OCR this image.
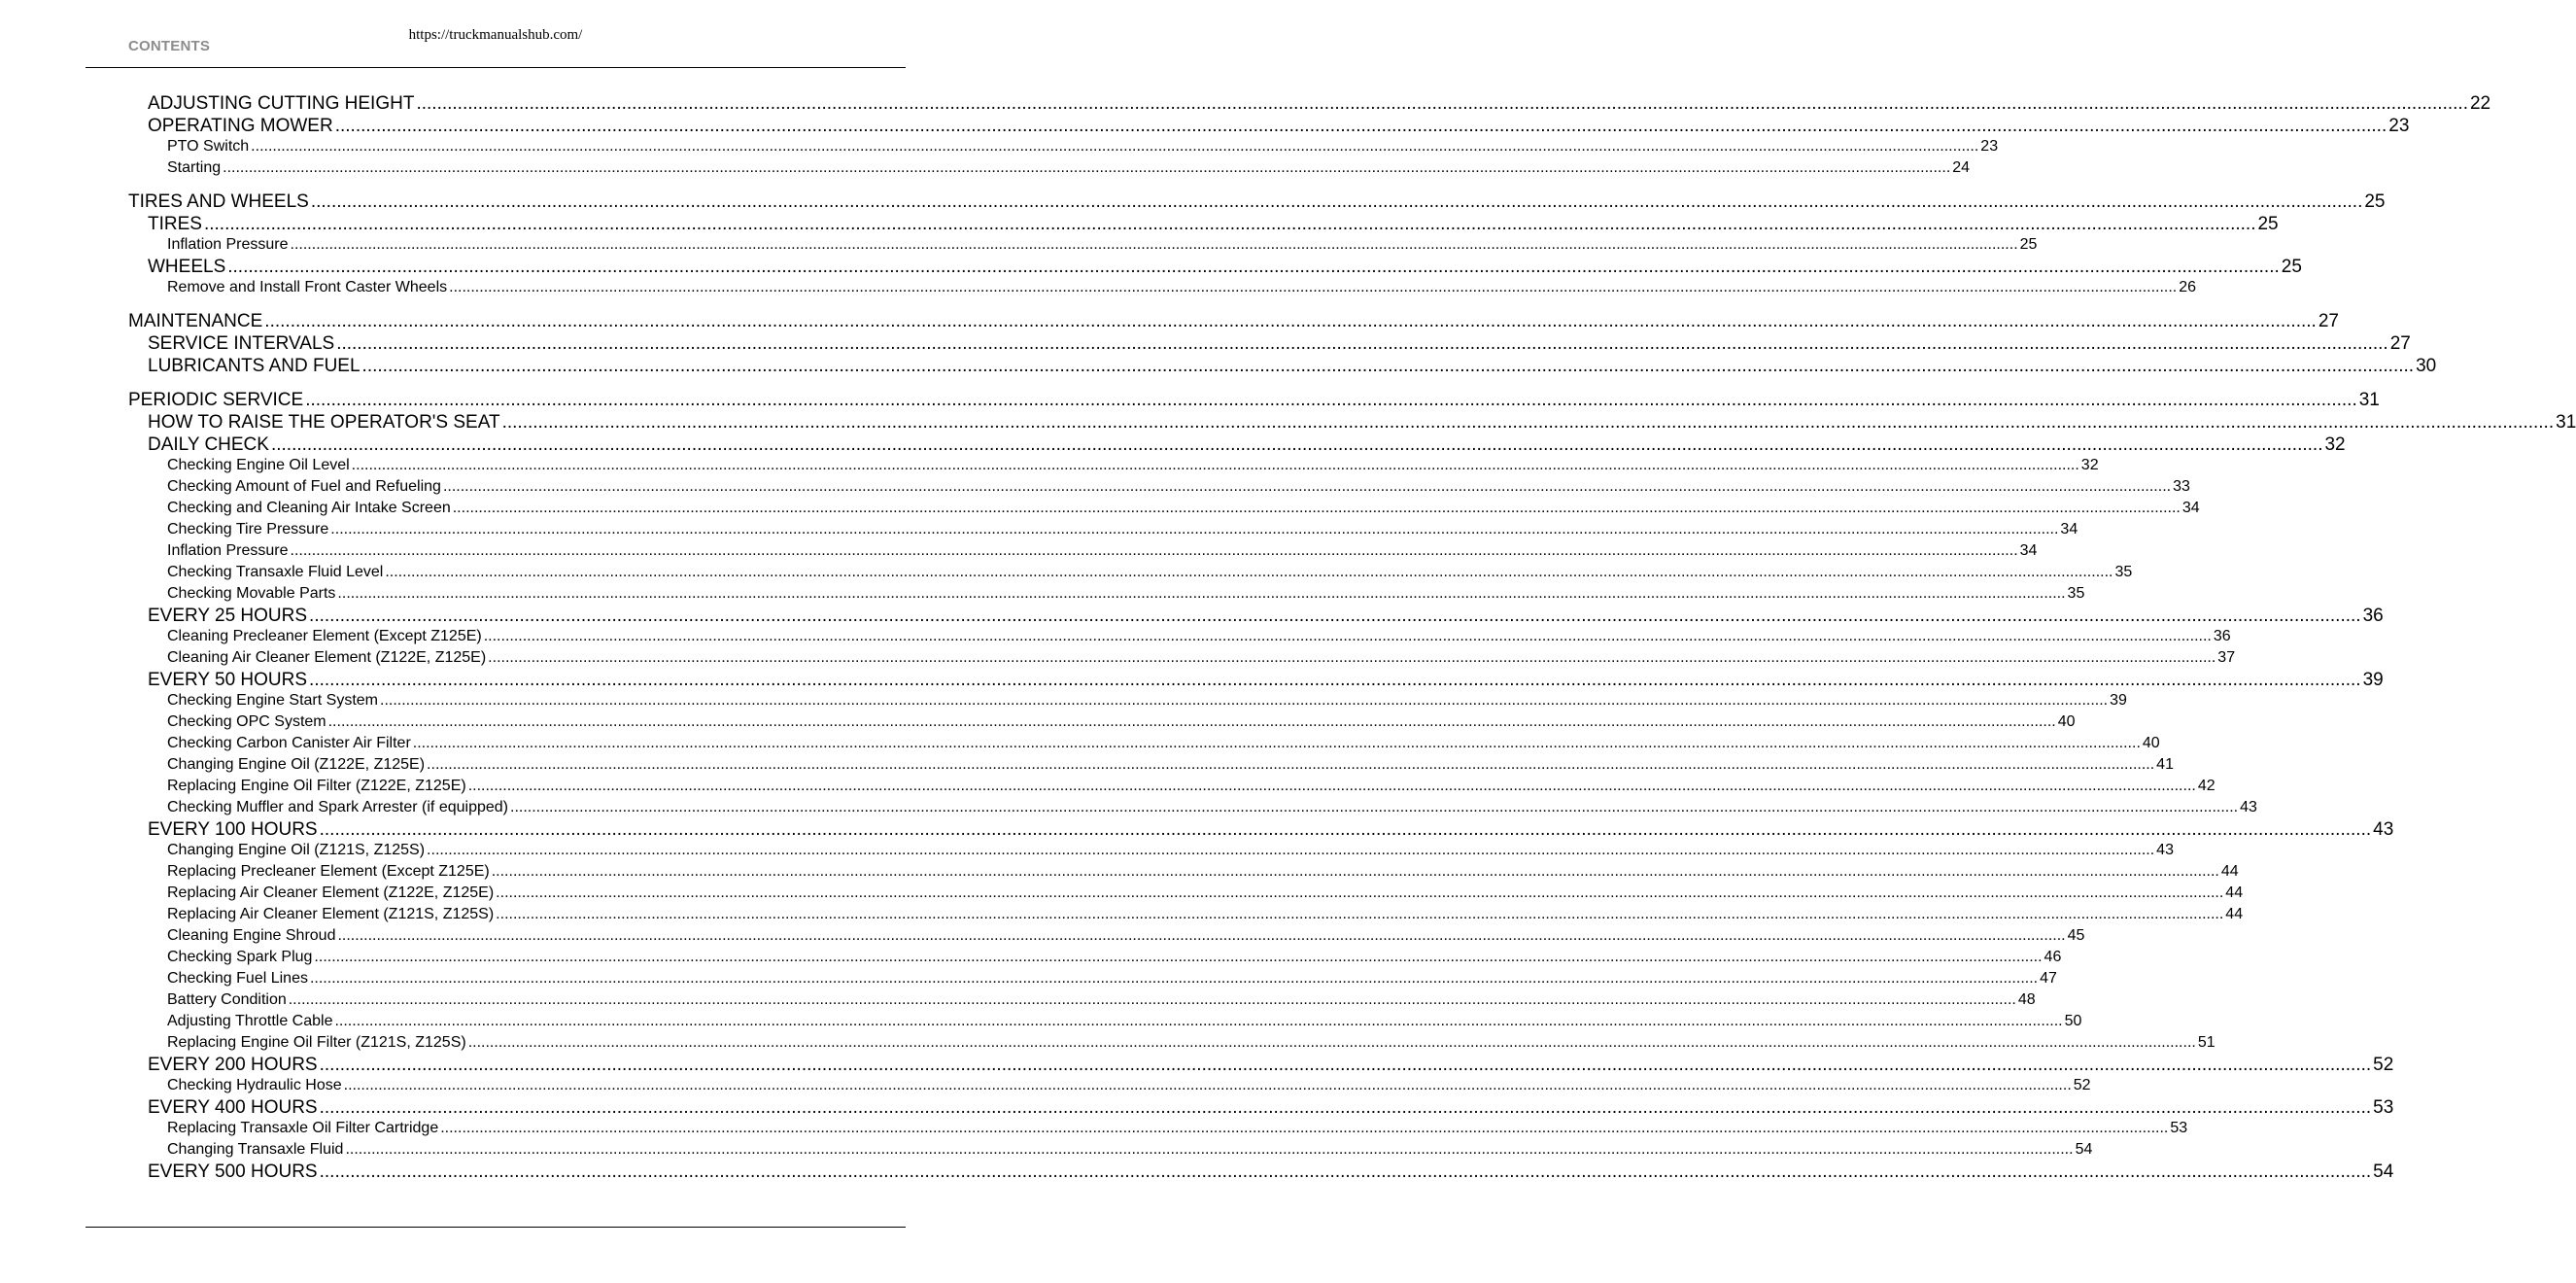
https://truckmanualshub.com/
CONTENTS
ADJUSTING CUTTING HEIGHT ................................................................................................................................................................................................................................................................................................................................................................................................................ 22
OPERATING MOWER ................................................................................................................................................................................................................................................................................................................................................................................................................ 23
PTO Switch ................................................................................................................................................................................................................................................................................................................................................................................................................ 23
Starting ................................................................................................................................................................................................................................................................................................................................................................................................................ 24
TIRES AND WHEELS ................................................................................................................................................................................................................................................................................................................................................................................................................ 25
TIRES ................................................................................................................................................................................................................................................................................................................................................................................................................ 25
Inflation Pressure ................................................................................................................................................................................................................................................................................................................................................................................................................ 25
WHEELS ................................................................................................................................................................................................................................................................................................................................................................................................................ 25
Remove and Install Front Caster Wheels ................................................................................................................................................................................................................................................................................................................................................................................................................ 26
MAINTENANCE ................................................................................................................................................................................................................................................................................................................................................................................................................ 27
SERVICE INTERVALS ................................................................................................................................................................................................................................................................................................................................................................................................................ 27
LUBRICANTS AND FUEL ................................................................................................................................................................................................................................................................................................................................................................................................................ 30
PERIODIC SERVICE ................................................................................................................................................................................................................................................................................................................................................................................................................ 31
HOW TO RAISE THE OPERATOR'S SEAT ................................................................................................................................................................................................................................................................................................................................................................................................................ 31
DAILY CHECK ................................................................................................................................................................................................................................................................................................................................................................................................................ 32
Checking Engine Oil Level ................................................................................................................................................................................................................................................................................................................................................................................................................ 32
Checking Amount of Fuel and Refueling ................................................................................................................................................................................................................................................................................................................................................................................................................ 33
Checking and Cleaning Air Intake Screen ................................................................................................................................................................................................................................................................................................................................................................................................................ 34
Checking Tire Pressure ................................................................................................................................................................................................................................................................................................................................................................................................................ 34
Inflation Pressure ................................................................................................................................................................................................................................................................................................................................................................................................................ 34
Checking Transaxle Fluid Level ................................................................................................................................................................................................................................................................................................................................................................................................................ 35
Checking Movable Parts ................................................................................................................................................................................................................................................................................................................................................................................................................ 35
EVERY 25 HOURS ................................................................................................................................................................................................................................................................................................................................................................................................................ 36
Cleaning Precleaner Element (Except Z125E) ................................................................................................................................................................................................................................................................................................................................................................................................................ 36
Cleaning Air Cleaner Element (Z122E, Z125E) ................................................................................................................................................................................................................................................................................................................................................................................................................ 37
EVERY 50 HOURS ................................................................................................................................................................................................................................................................................................................................................................................................................ 39
Checking Engine Start System ................................................................................................................................................................................................................................................................................................................................................................................................................ 39
Checking OPC System ................................................................................................................................................................................................................................................................................................................................................................................................................ 40
Checking Carbon Canister Air Filter ................................................................................................................................................................................................................................................................................................................................................................................................................ 40
Changing Engine Oil (Z122E, Z125E) ................................................................................................................................................................................................................................................................................................................................................................................................................ 41
Replacing Engine Oil Filter (Z122E, Z125E) ................................................................................................................................................................................................................................................................................................................................................................................................................ 42
Checking Muffler and Spark Arrester (if equipped) ................................................................................................................................................................................................................................................................................................................................................................................................................ 43
EVERY 100 HOURS ................................................................................................................................................................................................................................................................................................................................................................................................................ 43
Changing Engine Oil (Z121S, Z125S) ................................................................................................................................................................................................................................................................................................................................................................................................................ 43
Replacing Precleaner Element (Except Z125E) ................................................................................................................................................................................................................................................................................................................................................................................................................ 44
Replacing Air Cleaner Element (Z122E, Z125E) ................................................................................................................................................................................................................................................................................................................................................................................................................ 44
Replacing Air Cleaner Element (Z121S, Z125S) ................................................................................................................................................................................................................................................................................................................................................................................................................ 44
Cleaning Engine Shroud ................................................................................................................................................................................................................................................................................................................................................................................................................ 45
Checking Spark Plug ................................................................................................................................................................................................................................................................................................................................................................................................................ 46
Checking Fuel Lines ................................................................................................................................................................................................................................................................................................................................................................................................................ 47
Battery Condition ................................................................................................................................................................................................................................................................................................................................................................................................................ 48
Adjusting Throttle Cable ................................................................................................................................................................................................................................................................................................................................................................................................................ 50
Replacing Engine Oil Filter (Z121S, Z125S) ................................................................................................................................................................................................................................................................................................................................................................................................................ 51
EVERY 200 HOURS ................................................................................................................................................................................................................................................................................................................................................................................................................ 52
Checking Hydraulic Hose ................................................................................................................................................................................................................................................................................................................................................................................................................ 52
EVERY 400 HOURS ................................................................................................................................................................................................................................................................................................................................................................................................................ 53
Replacing Transaxle Oil Filter Cartridge ................................................................................................................................................................................................................................................................................................................................................................................................................ 53
Changing Transaxle Fluid ................................................................................................................................................................................................................................................................................................................................................................................................................ 54
EVERY 500 HOURS ................................................................................................................................................................................................................................................................................................................................................................................................................ 54
